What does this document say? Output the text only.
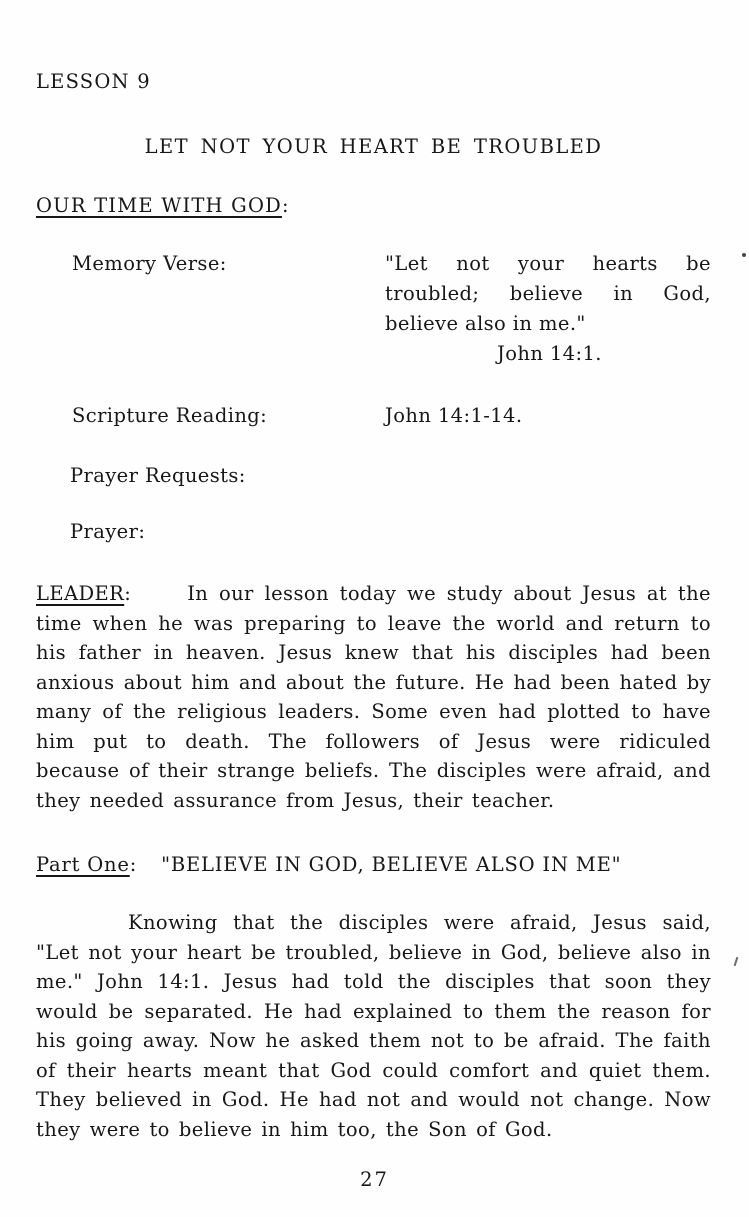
LESSON 9
LET NOT YOUR HEART BE TROUBLED
OUR TIME WITH GOD:
Memory Verse:	"Let not your hearts be
troubled; believe in God,
believe also in me."
John 14:1.
Scripture Reading:	John 14:1-14.
Prayer Requests:
Prayer:
LEADER:	In our lesson today we study about Jesus at the time when he was preparing to leave the world and return to his father in heaven. Jesus knew that his disciples had been anxious about him and about the future. He had been hated by many of the religious leaders. Some even had plotted to have him put to death. The followers of Jesus were ridiculed because of their strange beliefs. The disciples were afraid, and they needed assurance from Jesus, their teacher.
Part One: "BELIEVE IN GOD, BELIEVE ALSO IN ME"
Knowing that the disciples were afraid, Jesus said, "Let not your heart be troubled, believe in God, believe also in me." John 14:1. Jesus had told the disciples that soon they would be separated. He had explained to them the reason for his going away. Now he asked them not to be afraid. The faith of their hearts meant that God could comfort and quiet them. They believed in God. He had not and would not change. Now they were to believe in him too, the Son of God.
27
